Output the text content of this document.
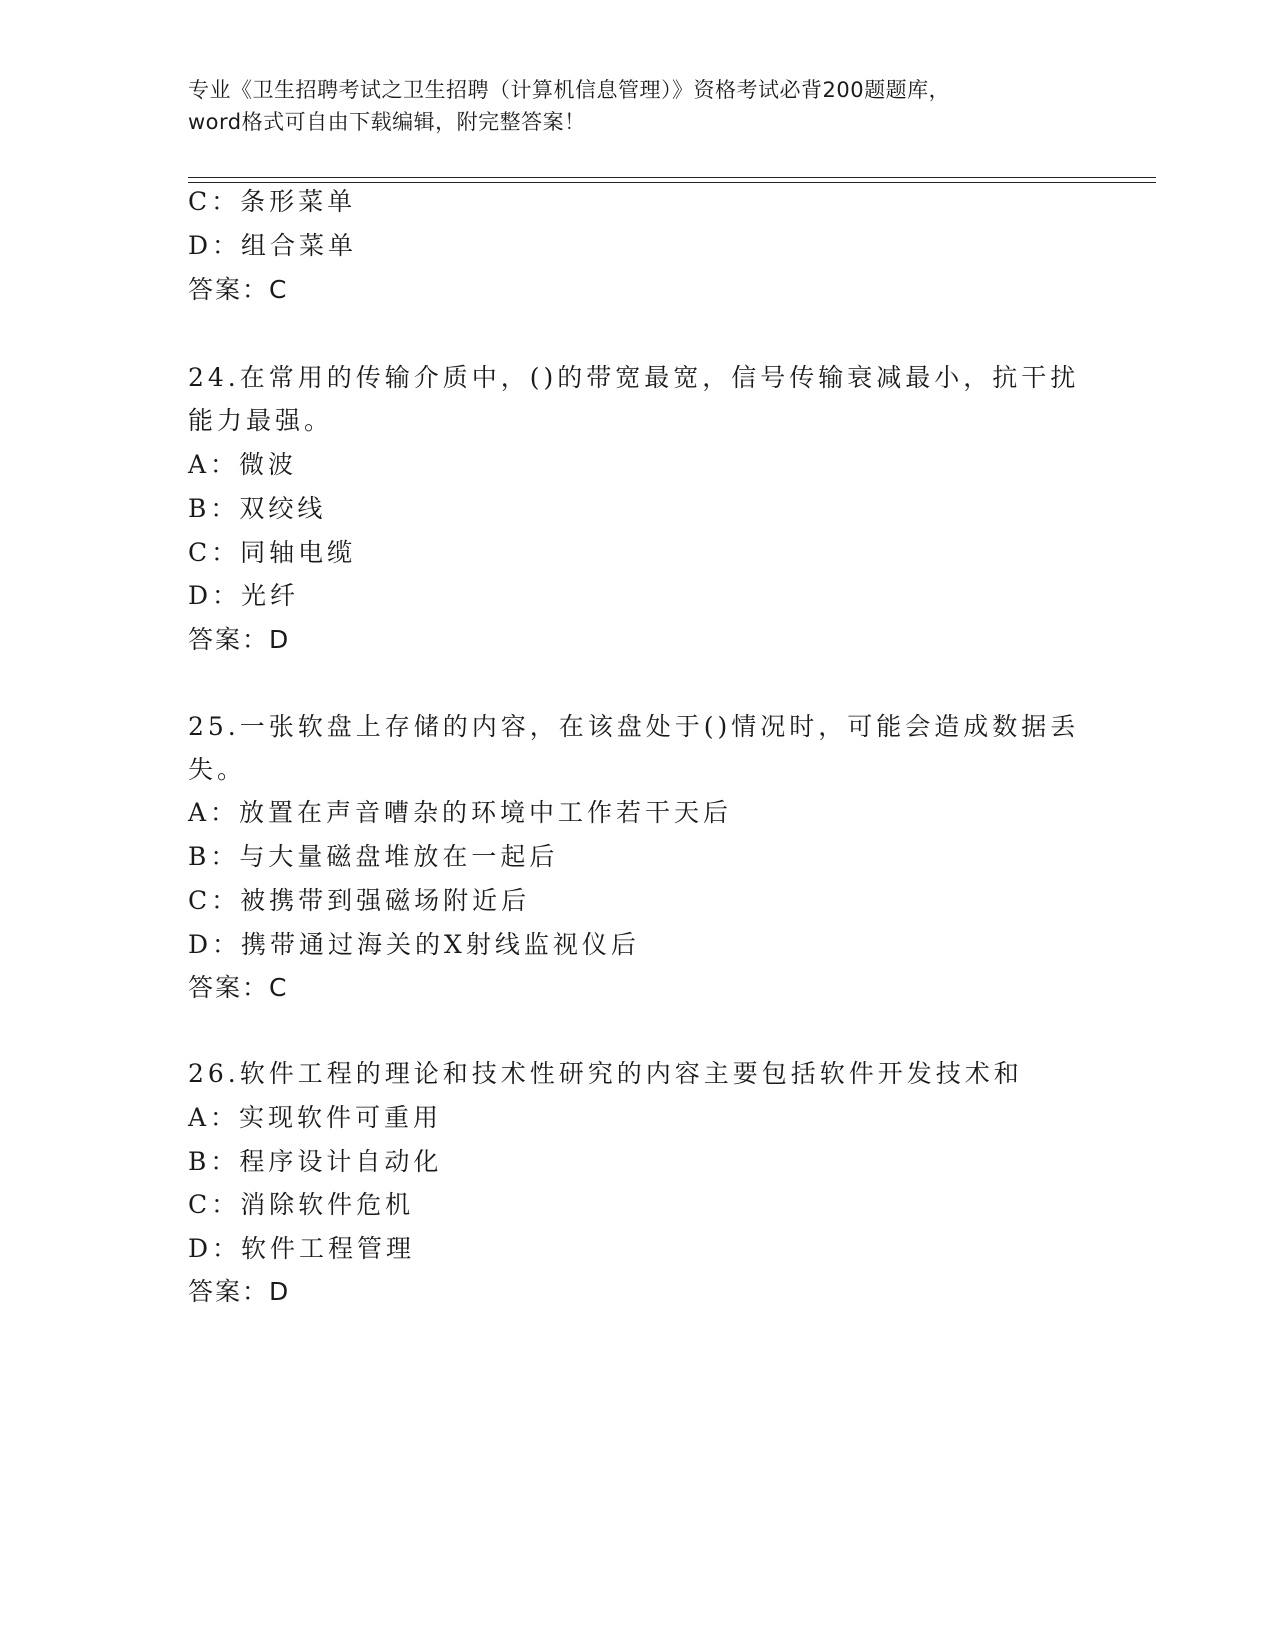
专业《卫生招聘考试之卫生招聘（计算机信息管理）》资格考试必背200题题库，
word格式可自由下载编辑，附完整答案！
C：条形菜单
D：组合菜单
答案：C
24.在常用的传输介质中，()的带宽最宽，信号传输衰减最小，抗干扰
能力最强。
A：微波
B：双绞线
C：同轴电缆
D：光纤
答案：D
25.一张软盘上存储的内容，在该盘处于()情况时，可能会造成数据丢
失。
A：放置在声音嘈杂的环境中工作若干天后
B：与大量磁盘堆放在一起后
C：被携带到强磁场附近后
D：携带通过海关的X射线监视仪后
答案：C
26.软件工程的理论和技术性研究的内容主要包括软件开发技术和
A：实现软件可重用
B：程序设计自动化
C：消除软件危机
D：软件工程管理
答案：D
